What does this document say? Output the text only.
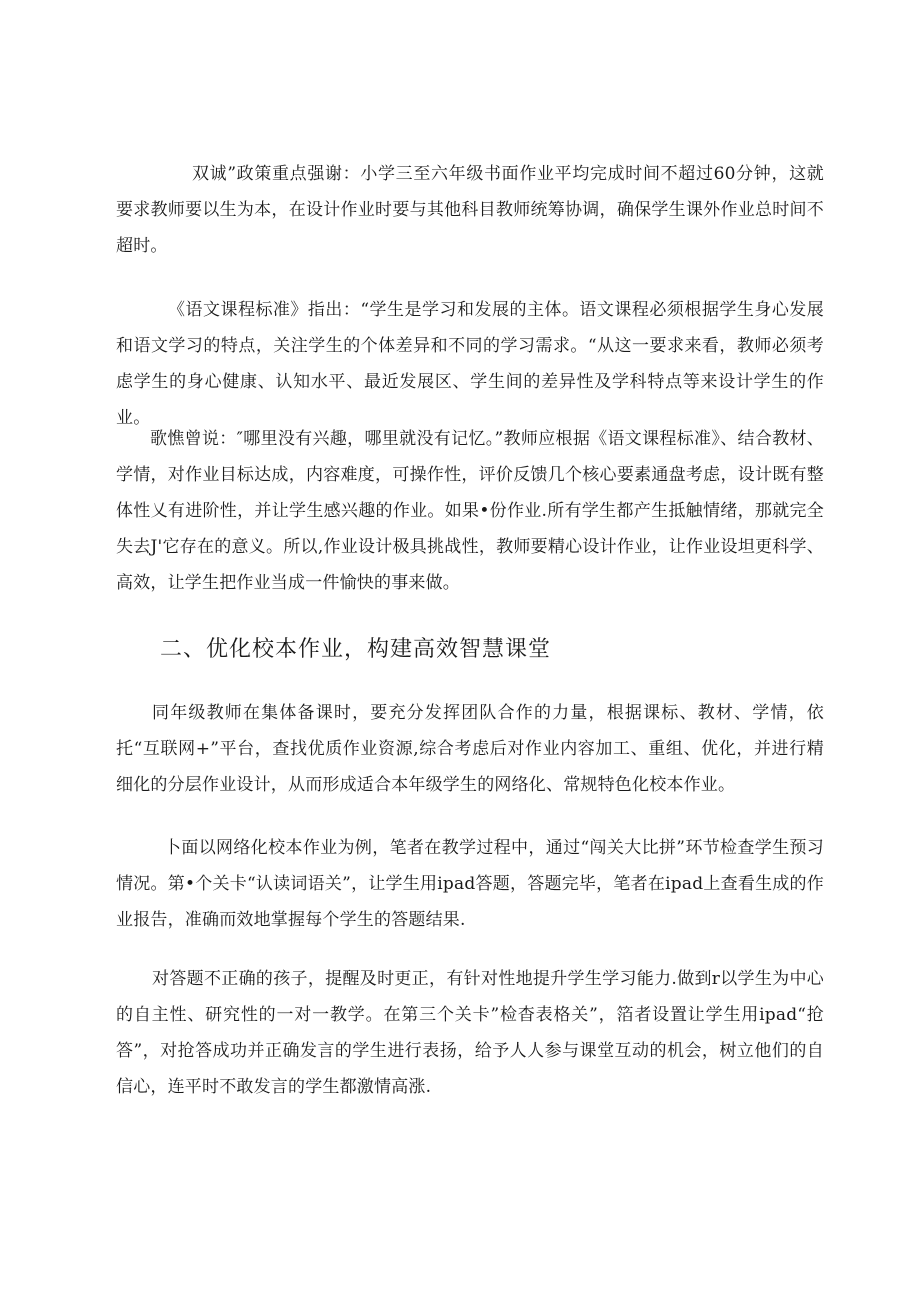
双诚”政策重点强谢：小学三至六年级书面作业平均完成时间不超过60分钟，这就要求教师要以生为本，在设计作业时要与其他科目教师统筹协调，确保学生课外作业总时间不超时。

《语文课程标准》指出：“学生是学习和发展的主体。语文课程必须根据学生身心发展和语文学习的特点，关注学生的个体差异和不同的学习需求。“从这一要求来看，教师必须考虑学生的身心健康、认知水平、最近发展区、学生间的差异性及学科特点等来设计学生的作业。

歌憔曾说：″哪里没有兴趣，哪里就没有记忆。”教师应根据《语文课程标准》、结合教材、学情，对作业目标达成，内容难度，可操作性，评价反馈几个核心要素通盘考虑，设计既有整体性乂有进阶性，并让学生感兴趣的作业。如果•份作业.所有学生都产生抵触情绪，那就完全失去J'它存在的意义。所以,作业设计极具挑战性，教师要精心设计作业，让作业设坦更科学、高效，让学生把作业当成一件愉快的事来做。

二、优化校本作业，构建高效智慧课堂

同年级教师在集体备课时，要充分发挥团队合作的力量，根据课标、教材、学情，依托“互联网+”平台，查找优质作业资源,综合考虑后对作业内容加工、重组、优化，并进行精细化的分层作业设计，从而形成适合本年级学生的网络化、常规特色化校本作业。

卜面以网络化校本作业为例，笔者在教学过程中，通过“闯关大比拼”环节检查学生预习情况。第•个关卡“认读词语关”，让学生用ipad答题，答题完毕，笔者在ipad上查看生成的作业报告，准确而效地掌握每个学生的答题结果.

对答题不正确的孩子，提醒及时更正，有针对性地提升学生学习能力.做到r以学生为中心的自主性、研究性的一对一教学。在第三个关卡”检杳表格关”，箔者设置让学生用ipad“抢答”，对抢答成功并正确发言的学生进行表扬，给予人人参与课堂互动的机会，树立他们的自信心，连平时不敢发言的学生都激情高涨.
